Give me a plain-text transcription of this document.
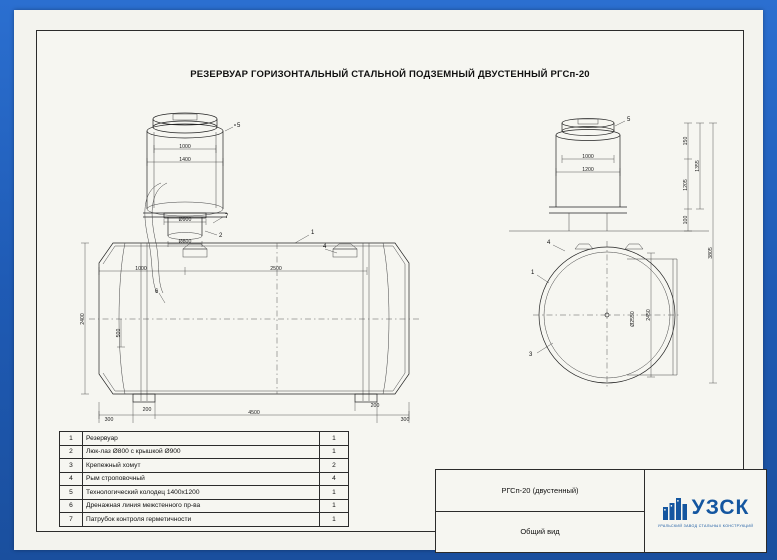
РЕЗЕРВУАР ГОРИЗОНТАЛЬНЫЙ СТАЛЬНОЙ ПОДЗЕМНЫЙ ДВУСТЕННЫЙ РГСп-20
1000
1400
Ø900
Ø800
1000	2500
2400
500
4500
300
200
200
300
5
7
2	1
4
6
1000
1200
150
1205
1355
100
3805
Ø2550 2450
5
4
1
3
1	Резервуар	1
2	Люк-лаз Ø800 с крышкой Ø900	1
3	Крепежный хомут	2
4	Рым строповочный	4
5	Технологический колодец 1400х1200	1
6	Дренажная линия межстенного пр-ва	1
7	Патрубок контроля герметичности	1
РГСп-20 (двустенный)
Общий вид
УЗСК
УРАЛЬСКИЙ ЗАВОД СТАЛЬНЫХ КОНСТРУКЦИЙ
